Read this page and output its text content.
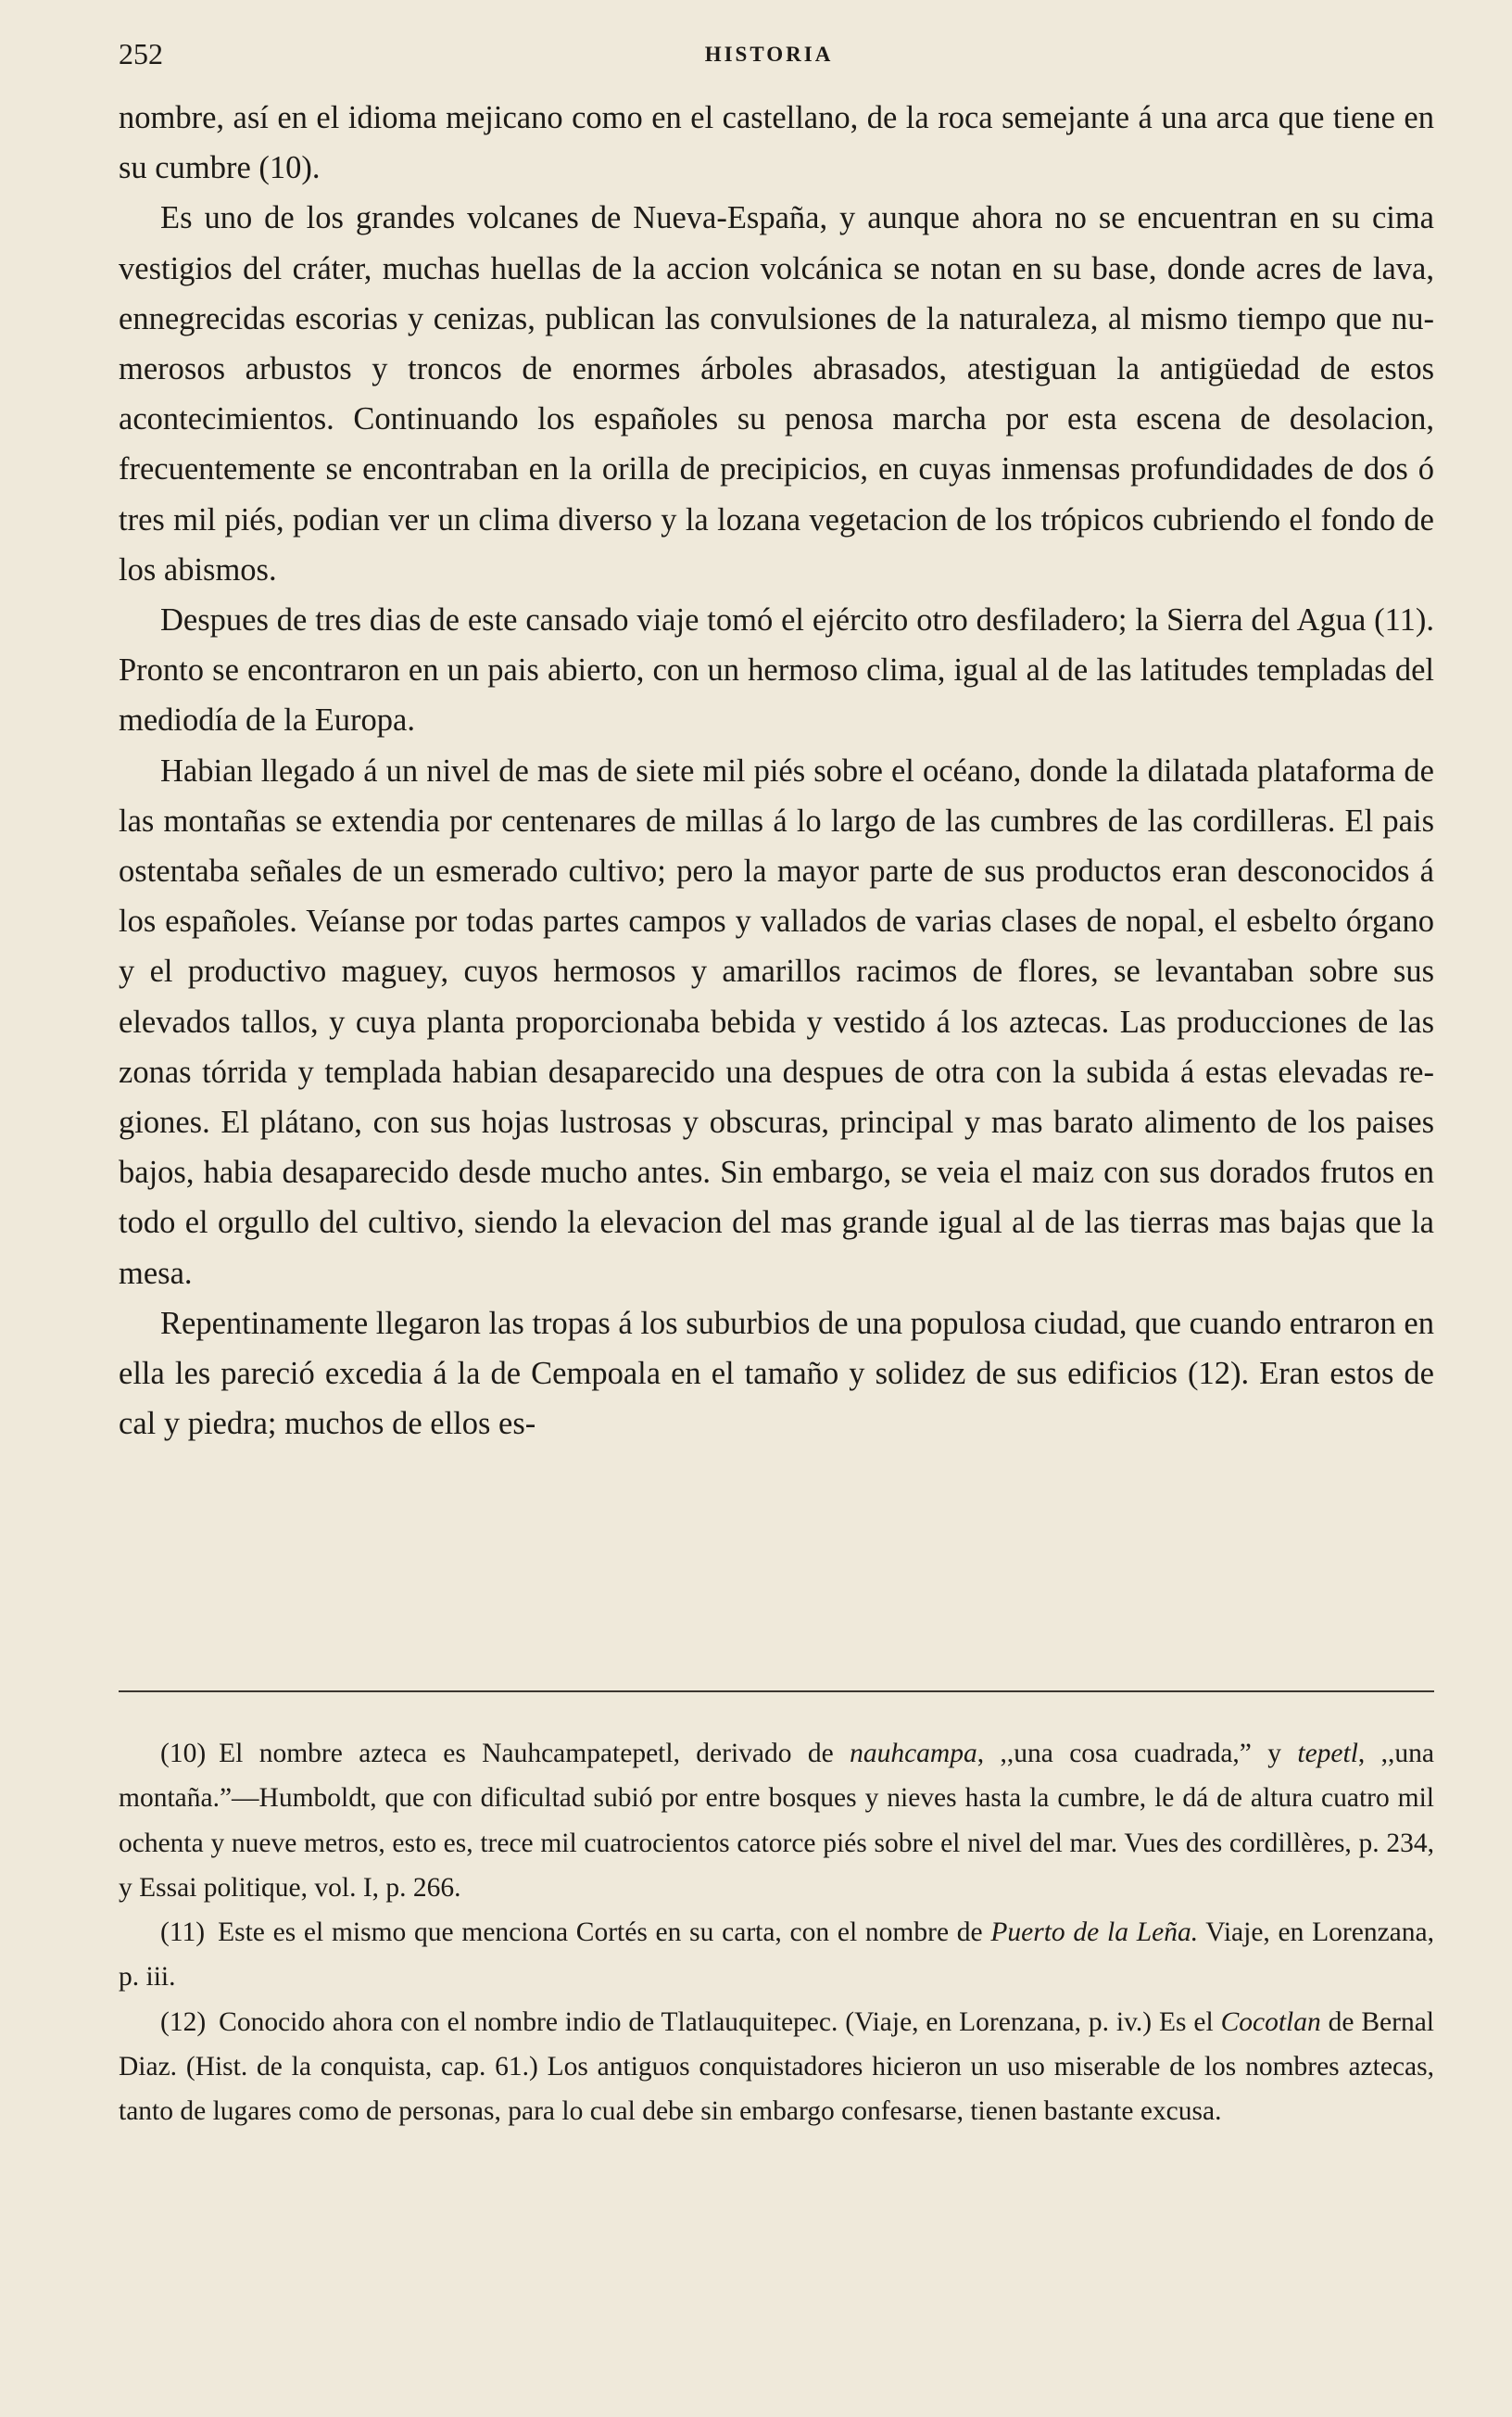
252	HISTORIA

nombre, así en el idioma mejicano como en el castellano, de la roca semejante á una arca que tiene en su cumbre (10).

Es uno de los grandes volcanes de Nueva-España, y aunque ahora no se encuentran en su cima vestigios del cráter, muchas huellas de la accion volcánica se notan en su base, donde acres de lava, ennegrecidas escorias y cenizas, publican las convulsiones de la naturaleza, al mismo tiempo que numerosos arbustos y troncos de enormes árboles abrasados, atestiguan la antigüedad de estos acontecimientos. Continuando los españoles su penosa marcha por esta escena de desolacion, frecuentemente se encontraban en la orilla de precipicios, en cuyas inmensas profundidades de dos ó tres mil piés, podian ver un clima diverso y la lozana vegetacion de los trópicos cubriendo el fondo de los abismos.

Despues de tres dias de este cansado viaje tomó el ejército otro desfiladero; la Sierra del Agua (11). Pronto se encontraron en un pais abierto, con un hermoso clima, igual al de las latitudes templadas del mediodía de la Europa.

Habian llegado á un nivel de mas de siete mil piés sobre el océano, donde la dilatada plataforma de las montañas se extendia por centenares de millas á lo largo de las cumbres de las cordilleras. El pais ostentaba señales de un esmerado cultivo; pero la mayor parte de sus productos eran desconocidos á los españoles. Veíanse por todas partes campos y vallados de varias clases de nopal, el esbelto órgano y el productivo maguey, cuyos hermosos y amarillos racimos de flores, se levantaban sobre sus elevados tallos, y cuya planta proporcionaba bebida y vestido á los aztecas. Las producciones de las zonas tórrida y templada habian desaparecido una despues de otra con la subida á estas elevadas regiones. El plátano, con sus hojas lustrosas y obscuras, principal y mas barato alimento de los paises bajos, habia desaparecido desde mucho antes. Sin embargo, se veia el maiz con sus dorados frutos en todo el orgullo del cultivo, siendo la elevacion del mas grande igual al de las tierras mas bajas que la mesa.

Repentinamente llegaron las tropas á los suburbios de una populosa ciudad, que cuando entraron en ella les pareció excedia á la de Cempoala en el tamaño y solidez de sus edificios (12). Eran estos de cal y piedra; muchos de ellos es-

(10) El nombre azteca es Nauhcampatepetl, derivado de nauhcampa, ,,una cosa cuadrada,” y tepetl, ,,una montaña.”—Humboldt, que con dificultad subió por entre bosques y nieves hasta la cumbre, le dá de altura cuatro mil ochenta y nueve metros, esto es, trece mil cuatrocientos catorce piés sobre el nivel del mar. Vues des cordillères, p. 234, y Essai politique, vol. I, p. 266.

(11) Este es el mismo que menciona Cortés en su carta, con el nombre de Puerto de la Leña. Viaje, en Lorenzana, p. iii.

(12) Conocido ahora con el nombre indio de Tlatlauquitepec. (Viaje, en Lorenzana, p. iv.) Es el Cocotlan de Bernal Diaz. (Hist. de la conquista, cap. 61.) Los antiguos conquistadores hicieron un uso miserable de los nombres aztecas, tanto de lugares como de personas, para lo cual debe sin embargo confesarse, tienen bastante excusa.
